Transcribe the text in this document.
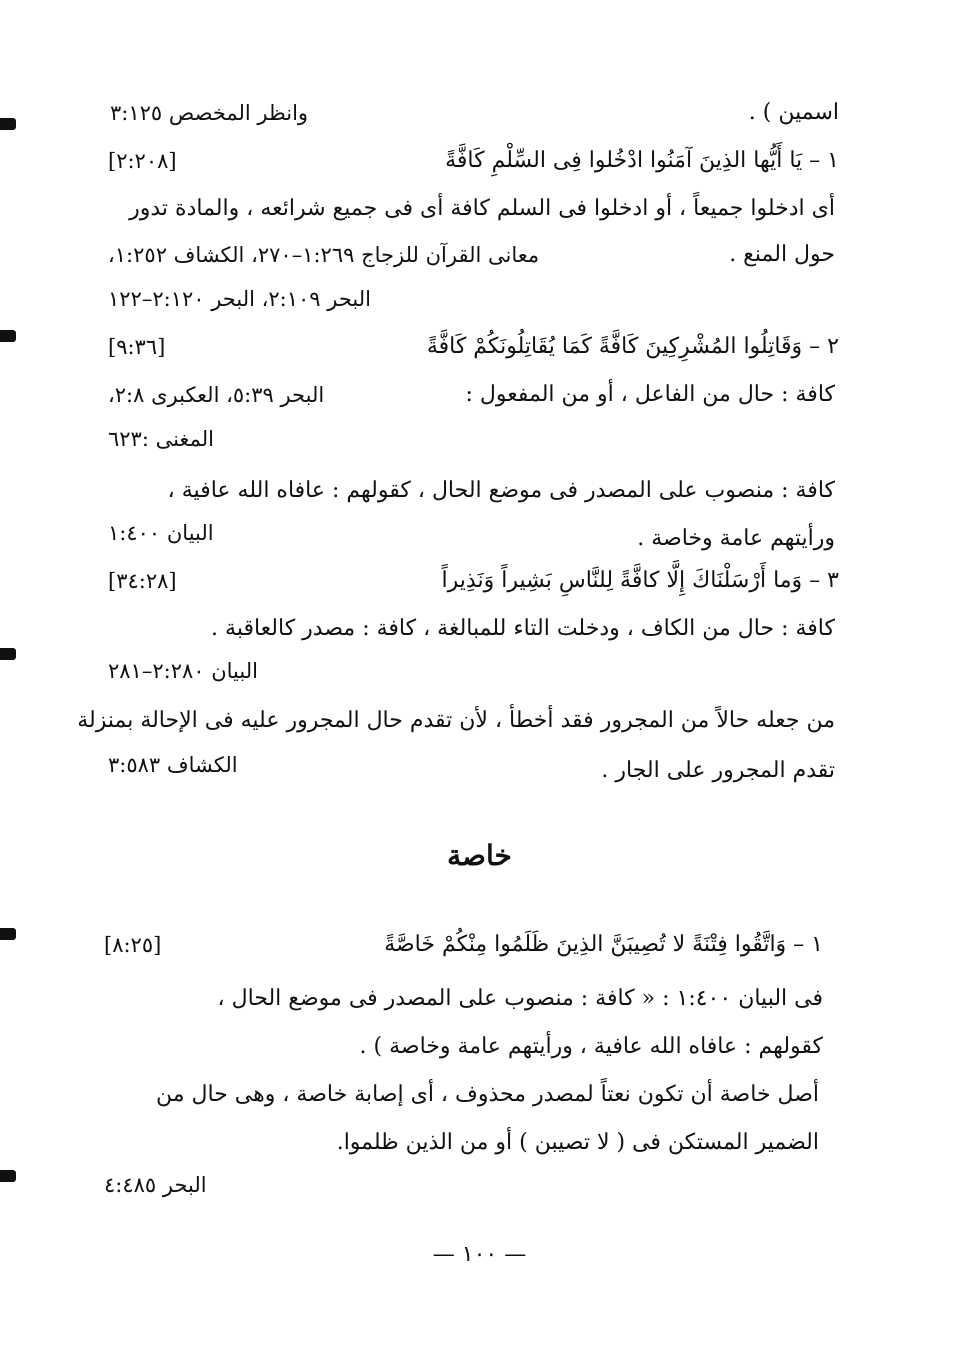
اسمين ) .
وانظر المخصص ٣:١٢٥
١ – يَا أَيُّها الذِينَ آمَنُوا ادْخُلوا فِى السِّلْمِ كَافَّةً
[٢:٢٠٨]
أى ادخلوا جميعاً ، أو ادخلوا فى السلم كافة أى فى جميع شرائعه ، والمادة تدور
حول المنع .
معانى القرآن للزجاج ١:٢٦٩–٢٧٠، الكشاف ١:٢٥٢،
البحر ٢:١٠٩، البحر ٢:١٢٠–١٢٢
٢ – وَقَاتِلُوا المُشْرِكِينَ كَافَّةً كَمَا يُقَاتِلُونَكُمْ كَافَّةً
[٩:٣٦]
كافة : حال من الفاعل ، أو من المفعول :
البحر ٥:٣٩، العكبرى ٢:٨،
المغنى :٦٢٣
كافة : منصوب على المصدر فى موضع الحال ، كقولهم : عافاه الله عافية ،
ورأيتهم عامة وخاصة .
البيان ١:٤٠٠
٣ – وَما أَرْسَلْنَاكَ إِلَّا كافَّةً لِلنَّاسِ بَشِيراً وَنَذِيراً
[٣٤:٢٨]
كافة : حال من الكاف ، ودخلت التاء للمبالغة ، كافة : مصدر كالعاقبة .
البيان ٢:٢٨٠–٢٨١
من جعله حالاً من المجرور فقد أخطأ ، لأن تقدم حال المجرور عليه فى الإحالة بمنزلة
تقدم المجرور على الجار .
الكشاف ٣:٥٨٣
خاصة
١ – وَاتَّقُوا فِتْنَةً لا تُصِيبَنَّ الذِينَ ظَلَمُوا مِنْكُمْ خَاصَّةً
[٨:٢٥]
فى البيان ١:٤٠٠ : « كافة : منصوب على المصدر فى موضع الحال ،
كقولهم : عافاه الله عافية ، ورأيتهم عامة وخاصة ) .
أصل خاصة أن تكون نعتاً لمصدر محذوف ، أى إصابة خاصة ، وهى حال من
الضمير المستكن فى ( لا تصيبن ) أو من الذين ظلموا.
البحر ٤:٤٨٥
— ١٠٠ —
